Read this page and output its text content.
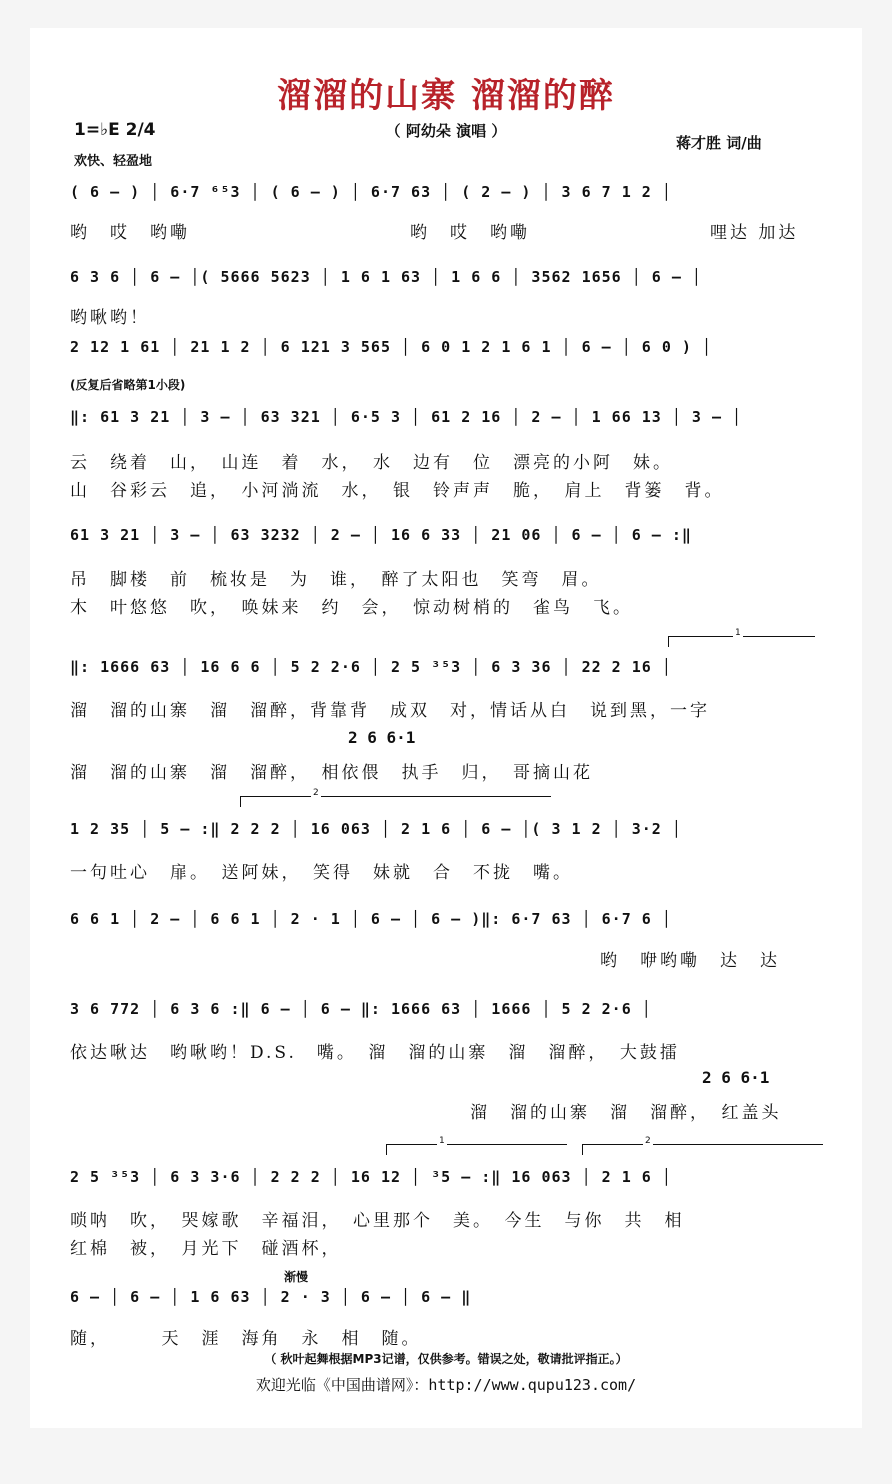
溜溜的山寨 溜溜的醉
（ 阿幼朵 演唱 ）
1=♭E 2/4
欢快、轻盈地
蒋才胜 词/曲
( 6 – ) │ 6·7 ⁶⁵3 │ ( 6 – ) │ 6·7 63 │ ( 2 – ) │ 3 6 7 1 2 │
哟　哎　哟嘞　　　　　　　　　　　哟　哎　哟嘞　　　　　　　　　哩达 加达
6 3 6 │ 6 – │( 5666 5623 │ 1 6 1 63 │ 1 6 6 │ 3562 1656 │ 6 – │
哟啾哟！
2 12 1 61 │ 21 1 2 │ 6 121 3 565 │ 6 0 1 2 1 6 1 │ 6 – │ 6 0 ) │
(反复后省略第1小段)
‖: 61 3 21 │ 3 – │ 63 321 │ 6·5 3 │ 61 2 16 │ 2 – │ 1 66 13 │ 3 – │
云　绕着　山，　山连　着　水，　水　边有　位　漂亮的小阿　妹。
山　谷彩云　追，　小河淌流　水，　银　铃声声　脆，　肩上　背篓　背。
61 3 21 │ 3 – │ 63 3232 │ 2 – │ 16 6 33 │ 21 06 │ 6 – │ 6 – :‖
吊　脚楼　前　梳妆是　为　谁，　醉了太阳也　笑弯　眉。
木　叶悠悠　吹，　唤妹来　约　会，　惊动树梢的　雀鸟　飞。
1
‖: 1666 63 │ 16 6 6 │ 5 2 2·6 │ 2 5 ³⁵3 │ 6 3 36 │ 22 2 16 │
溜　溜的山寨　溜　溜醉，背靠背　成双　对，情话从白　说到黑，一字
2 6 6·1
溜　溜的山寨　溜　溜醉，　相依偎　执手　归，　哥摘山花
2
1 2 35 │ 5 – :‖ 2 2 2 │ 16 063 │ 2 1 6 │ 6 – │( 3 1 2 │ 3·2 │
一句吐心　扉。　送阿妹，　笑得　妹就　合　不拢　嘴。
6 6 1 │ 2 – │ 6 6 1 │ 2 · 1 │ 6 – │ 6 – )‖: 6·7 63 │ 6·7 6 │
哟　咿哟嘞　达　达
3 6 772 │ 6 3 6 :‖ 6 – │ 6 – ‖: 1666 63 │ 1666 │ 5 2 2·6 │
依达啾达　哟啾哟！D.S.　嘴。　溜　溜的山寨　溜　溜醉，　大鼓擂
2 6 6·1
溜　溜的山寨　溜　溜醉，　红盖头
1	2
2 5 ³⁵3 │ 6 3 3·6 │ 2 2 2 │ 16 12 │ ³5 – :‖ 16 063 │ 2 1 6 │
唢呐　吹，　哭嫁歌　辛福泪，　心里那个　美。　今生　与你　共　相
红棉　被，　月光下　碰酒杯，
渐慢
6 – │ 6 – │ 1 6 63 │ 2 · 3 │ 6 – │ 6 – ‖
随，　　　天　涯　海角　永　相　随。
（ 秋叶起舞根据MP3记谱，仅供参考。错误之处，敬请批评指正。）
欢迎光临《中国曲谱网》：http://www.qupu123.com/
